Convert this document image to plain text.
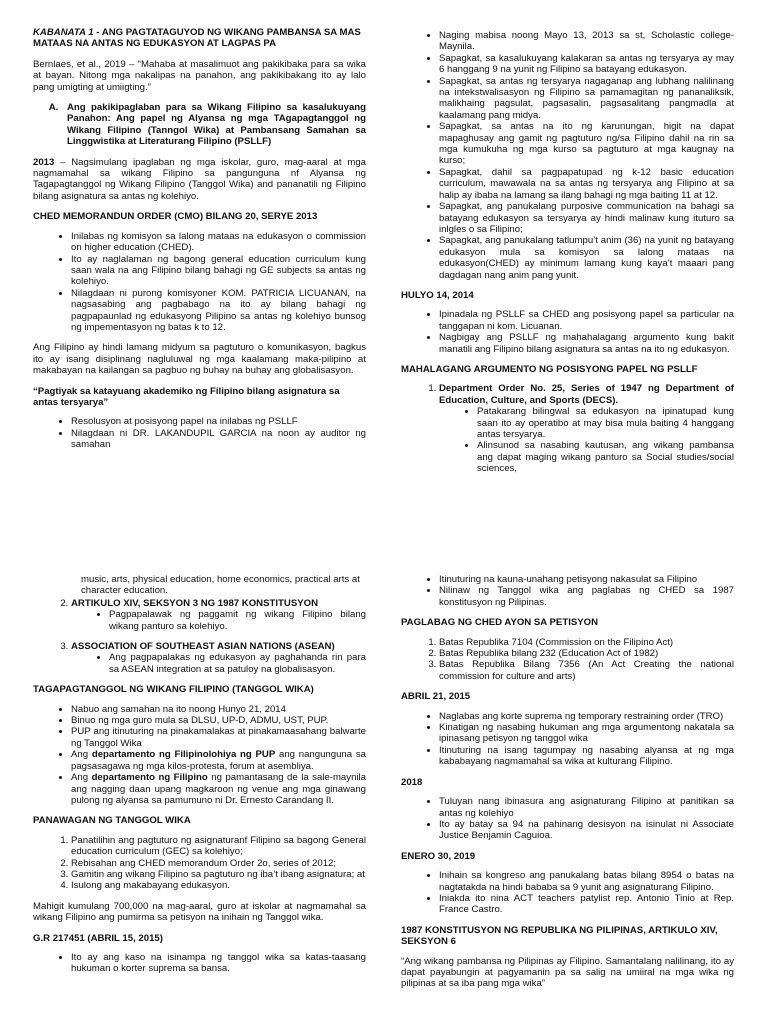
KABANATA 1 - ANG PAGTATAGUYOD NG WIKANG PAMBANSA SA MAS MATAAS NA ANTAS NG EDUKASYON AT LAGPAS PA

Bernlaes, et al., 2019 – “Mahaba at masalimuot ang pakikibaka para sa wika at bayan. Nitong mga nakalipas na panahon, ang pakikibakang ito ay lalo pang umigting at umiigting.”

A. Ang pakikipaglaban para sa Wikang Filipino sa kasalukuyang Panahon: Ang papel ng Alyansa ng mga TAgapagtanggol ng Wikang Filipino (Tanngol Wika) at Pambansang Samahan sa Linggwistika at Literaturang Filipino (PSLLF)

2013 – Nagsimulang ipaglaban ng mga iskolar, guro, mag-aaral at mga nagmamahal sa wikang Filipino sa pangunguna nf Alyansa ng Tagapagtanggol ng Wikang Filipino (Tanggol Wika) and pananatili ng Filipino bilang asignatura sa antas ng kolehiyo.

CHED MEMORANDUN ORDER (CMO) BILANG 20, SERYE 2013
• Inilabas ng komisyon sa lalong mataas na edukasyon o commission on higher education (CHED).
• Ito ay naglalaman ng bagong general education curriculum kung saan wala na ang Filipino bilang bahagi ng GE subjects sa antas ng kolehiyo.
• Nilagdaan ni purong komisyoner KOM. PATRICIA LICUANAN, na nagsasabing ang pagbabago na ito ay bilang bahagi ng pagpapaunlad ng edukasyong Pilipino sa antas ng kolehiyo bunsog ng impementasyon ng batas k to 12.

Ang Filipino ay hindi lamang midyum sa pagtuturo o komunikasyon, bagkus ito ay isang disiplinang nagluluwal ng mga kaalamang maka-pilipino at makabayan na kailangan sa pagbuo ng buhay na buhay ang globalisasyon.

“Pagtiyak sa katayuang akademiko ng Filipino bilang asignatura sa antas tersyarya”
• Resolusyon at posisyong papel na inilabas ng PSLLF
• Nilagdaan ni DR. LAKANDUPIL GARCIA na noon ay auditor ng samahan
• Naging mabisa noong Mayo 13, 2013 sa st, Scholastic college-Maynila.
• Sapagkat, sa kasalukuyang kalakaran sa antas ng tersyarya ay may 6 hanggang 9 na yunit ng Filipino sa batayang edukasyon.
• Sapagkat, sa antas ng tersyarya nagaganap ang lubhang nalilinang na intekstwalisasyon ng Filipino sa pamamagitan ng pananaliksik, malikhaing pagsulat, pagsasalin, pagsasalitang pangmadla at kaalamang pang midya.
• Sapagkat, sa antas na ito ng karunungan, higit na dapat mapaghusay ang gamit ng pagtuturo ng/sa Filipino dahil na rin sa mga kumukuha ng mga kurso sa pagtuturo at mga kaugnay na kurso;
• Sapagkat, dahil sa pagpapatupad ng k-12 basic education curriculum, mawawala na sa antas ng tersyarya ang Filipino at sa halip ay ibaba na lamang sa ilang bahagi ng mga baiting 11 at 12.
• Sapagkat, ang panukalang purposive communication na bahagi sa batayang edukasyon sa tersyarya ay hindi malinaw kung ituturo sa inlgles o sa Filipino;
• Sapagkat, ang panukalang tatlumpu’t anim (36) na yunit ng batayang edukasyon mula sa komisyon sa lalong mataas na edukasyon(CHED) ay minimum lamang kung kaya’t maaari pang dagdagan nang anim pang yunit.
HULYO 14, 2014
• Ipinadala ng PSLLF sa CHED ang posisyong papel sa particular na tanggapan ni kom. Licuanan.
• Nagbigay ang PSLLF ng mahahalagang argumento kung bakit manatili ang Filipino bilang asignatura sa antas na ito ng edukasyon.
MAHALAGANG ARGUMENTO NG POSISYONG PAPEL NG PSLLF
1. Department Order No. 25, Series of 1947 ng Department of Education, Culture, and Sports (DECS).
• Patakarang bilingwal sa edukasyon na ipinatupad kung saan ito ay operatibo at may bisa mula baiting 4 hanggang antas tersyarya.
• Alinsunod sa nasabing kautusan, ang wikang pambansa ang dapat maging wikang panturo sa Social studies/social sciences,
music, arts, physical education, home economics, practical arts at character education.
2. ARTIKULO XIV, SEKSYON 3 NG 1987 KONSTITUSYON
• Pagpapalawak ng paggamit ng wikang Filipino bilang wikang panturo sa kolehiyo.
3. ASSOCIATION OF SOUTHEAST ASIAN NATIONS (ASEAN)
• Ang pagpapalakas ng edukasyon ay paghahanda rin para sa ASEAN integration at sa patuloy na globalisasyon.
TAGAPAGTANGGOL NG WIKANG FILIPINO (TANGGOL WIKA)
• Nabuo ang samahan na ito noong Hunyo 21, 2014
• Binuo ng mga guro mula sa DLSU, UP-D, ADMU, UST, PUP.
• PUP ang itinuturing na pinakamalakas at pinakamaasahang balwarte ng Tanggol Wika
• Ang departamento ng Filipinolohiya ng PUP ang nangunguna sa pagsasagawa ng mga kilos-protesta, forum at asembliya.
• Ang departamento ng Filipino ng pamantasang de la sale-maynila ang nagging daan upang magkaroon ng venue ang mga ginawang pulong ng alyansa sa pamumuno ni Dr. Ernesto Carandang II.
PANAWAGAN NG TANGGOL WIKA
1. Panatilihin ang pagtuturo ng asignaturanf Filipino sa bagong General education curriculum (GEC) sa kolehiyo;
2. Rebisahan ang CHED memorandum Order 2o, series of 2012;
3. Gamitin ang wikang Filipino sa pagtuturo ng iba’t ibang asignatura; at
4. Isulong ang makabayang edukasyon.

Mahigit kumulang 700,000 na mag-aaral, guro at iskolar at nagmamahal sa wikang Filipino ang pumirma sa petisyon na inihain ng Tanggol wika.

G.R 217451 (ABRIL 15, 2015)
• Ito ay ang kaso na isinampa ng tanggol wika sa katas-taasang hukuman o korter suprema sa bansa.
• Itinuturing na kauna-unahang petisyong nakasulat sa Filipino
• Nilinaw ng Tanggol wika ang paglabas ng CHED sa 1987 konstitusyon ng Pilipinas.
PAGLABAG NG CHED AYON SA PETISYON
1. Batas Republika 7104 (Commission on the Filipino Act)
2. Batas Republika bilang 232 (Education Act of 1982)
3. Batas Republika Bilang 7356 (An Act Creating the national commission for culture and arts)
ABRIL 21, 2015
• Naglabas ang korte suprema ng temporary restraining order (TRO)
• Kinatigan ng nasabing hukuman ang mga argumentong nakatala sa ipinasang petisyon ng tanggol wika
• Itinuturing na isang tagumpay ng nasabing alyansa at ng mga kababayang nagmamahal sa wika at kulturang Filipino.
2018
• Tuluyan nang ibinasura ang asignaturang Filipino at panitikan sa antas ng kolehiyo
• Ito ay batay sa 94 na pahinang desisyon na isinulat ni Associate Justice Benjamin Caguioa.
ENERO 30, 2019
• Inihain sa kongreso ang panukalang batas bilang 8954 o batas na nagtatakda na hindi bababa sa 9 yunit ang asignaturang Filipino.
• Iniakda ito nina ACT teachers patylist rep. Antonio Tinio at Rep. France Castro.
1987 KONSTITUSYON NG REPUBLIKA NG PILIPINAS, ARTIKULO XIV, SEKSYON 6

“Ang wikang pambansa ng Pilipinas ay Filipino. Samantalang nalilinang, ito ay dapat payabungin at pagyamanin pa sa salig na umiiral na mga wika ng pilipinas at sa iba pang mga wika”
